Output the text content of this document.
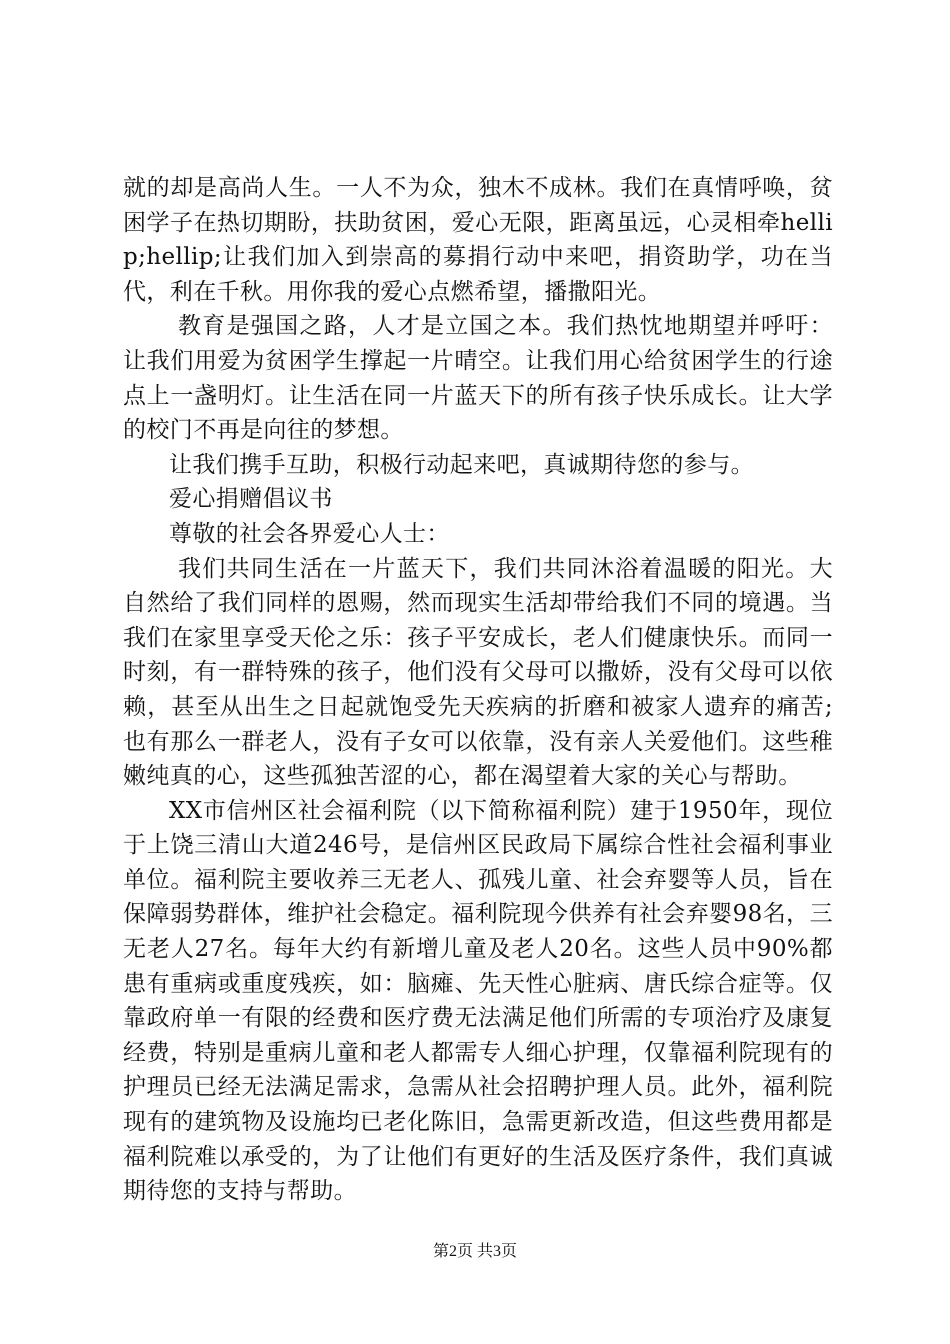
就的却是高尚人生。一人不为众，独木不成林。我们在真情呼唤，贫困学子在热切期盼，扶助贫困，爱心无限，距离虽远，心灵相牵hellip;hellip;让我们加入到崇高的募捐行动中来吧，捐资助学，功在当代，利在千秋。用你我的爱心点燃希望，播撒阳光。

教育是强国之路，人才是立国之本。我们热忱地期望并呼吁：让我们用爱为贫困学生撑起一片晴空。让我们用心给贫困学生的行途点上一盏明灯。让生活在同一片蓝天下的所有孩子快乐成长。让大学的校门不再是向往的梦想。

让我们携手互助，积极行动起来吧，真诚期待您的参与。

爱心捐赠倡议书

尊敬的社会各界爱心人士：

我们共同生活在一片蓝天下，我们共同沐浴着温暖的阳光。大自然给了我们同样的恩赐，然而现实生活却带给我们不同的境遇。当我们在家里享受天伦之乐：孩子平安成长，老人们健康快乐。而同一时刻，有一群特殊的孩子，他们没有父母可以撒娇，没有父母可以依赖，甚至从出生之日起就饱受先天疾病的折磨和被家人遗弃的痛苦;也有那么一群老人，没有子女可以依靠，没有亲人关爱他们。这些稚嫩纯真的心，这些孤独苦涩的心，都在渴望着大家的关心与帮助。

XX市信州区社会福利院（以下简称福利院）建于1950年，现位于上饶三清山大道246号，是信州区民政局下属综合性社会福利事业单位。福利院主要收养三无老人、孤残儿童、社会弃婴等人员，旨在保障弱势群体，维护社会稳定。福利院现今供养有社会弃婴98名，三无老人27名。每年大约有新增儿童及老人20名。这些人员中90%都患有重病或重度残疾，如：脑瘫、先天性心脏病、唐氏综合症等。仅靠政府单一有限的经费和医疗费无法满足他们所需的专项治疗及康复经费，特别是重病儿童和老人都需专人细心护理，仅靠福利院现有的护理员已经无法满足需求，急需从社会招聘护理人员。此外，福利院现有的建筑物及设施均已老化陈旧，急需更新改造，但这些费用都是福利院难以承受的，为了让他们有更好的生活及医疗条件，我们真诚期待您的支持与帮助。

第2页 共3页
